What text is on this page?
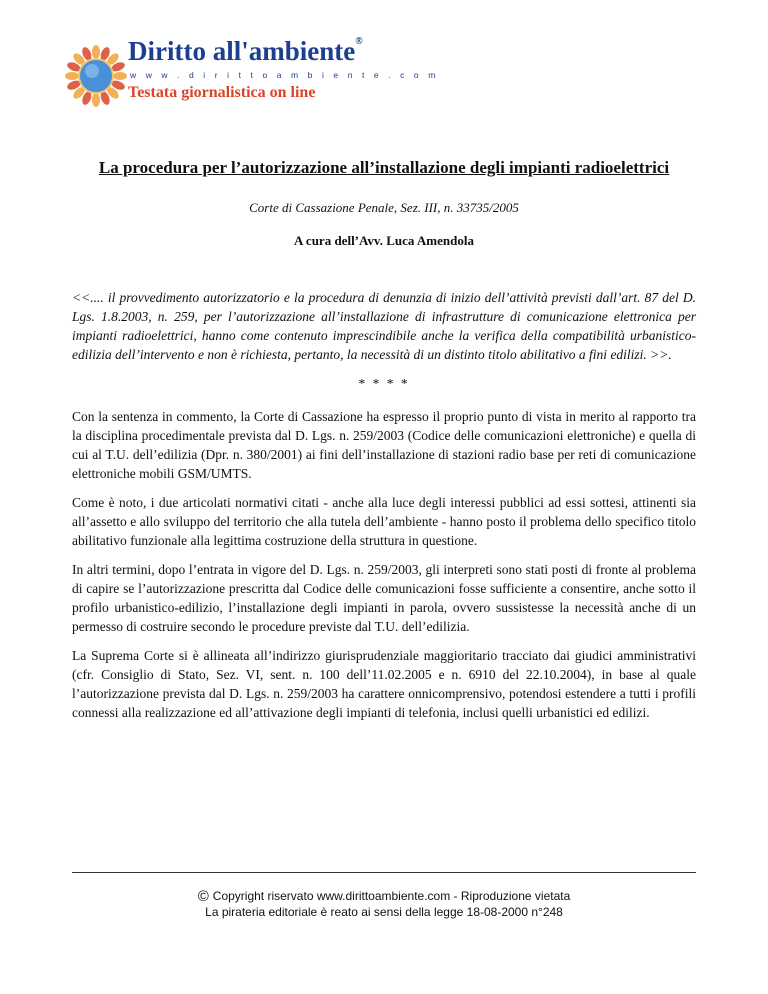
Diritto all'ambiente®
w w w . d i r i t t o a m b i e n t e . c o m
Testata giornalistica on line
La procedura per l’autorizzazione all’installazione degli impianti radioelettrici

Corte di Cassazione Penale, Sez. III, n. 33735/2005

A cura dell’Avv. Luca Amendola

<<.... il provvedimento autorizzatorio e la procedura di denunzia di inizio dell’attività previsti dall’art. 87 del D. Lgs. 1.8.2003, n. 259, per l’autorizzazione all’installazione di infrastrutture di comunicazione elettronica per impianti radioelettrici, hanno come contenuto imprescindibile anche la verifica della compatibilità urbanistico-edilizia dell’intervento e non è richiesta, pertanto, la necessità di un distinto titolo abilitativo a fini edilizi. >>.

* * * *

Con la sentenza in commento, la Corte di Cassazione ha espresso il proprio punto di vista in merito al rapporto tra la disciplina procedimentale prevista dal D. Lgs. n. 259/2003 (Codice delle comunicazioni elettroniche) e quella di cui al T.U. dell’edilizia (Dpr. n. 380/2001) ai fini dell’installazione di stazioni radio base per reti di comunicazione elettroniche mobili GSM/UMTS.

Come è noto, i due articolati normativi citati - anche alla luce degli interessi pubblici ad essi sottesi, attinenti sia all’assetto e allo sviluppo del territorio che alla tutela dell’ambiente - hanno posto il problema dello specifico titolo abilitativo funzionale alla legittima costruzione della struttura in questione.

In altri termini, dopo l’entrata in vigore del D. Lgs. n. 259/2003, gli interpreti sono stati posti di fronte al problema di capire se l’autorizzazione prescritta dal Codice delle comunicazioni fosse sufficiente a consentire, anche sotto il profilo urbanistico-edilizio, l’installazione degli impianti in parola, ovvero sussistesse la necessità anche di un permesso di costruire secondo le procedure previste dal T.U. dell’edilizia.

La Suprema Corte si è allineata all’indirizzo giurisprudenziale maggioritario tracciato dai giudici amministrativi (cfr. Consiglio di Stato, Sez. VI, sent. n. 100 dell’11.02.2005 e n. 6910 del 22.10.2004), in base al quale l’autorizzazione prevista dal D. Lgs. n. 259/2003 ha carattere onnicomprensivo, potendosi estendere a tutti i profili connessi alla realizzazione ed all’attivazione degli impianti di telefonia, inclusi quelli urbanistici ed edilizi.

© Copyright riservato www.dirittoambiente.com - Riproduzione vietata

La pirateria editoriale è reato ai sensi della legge 18-08-2000 n°248
